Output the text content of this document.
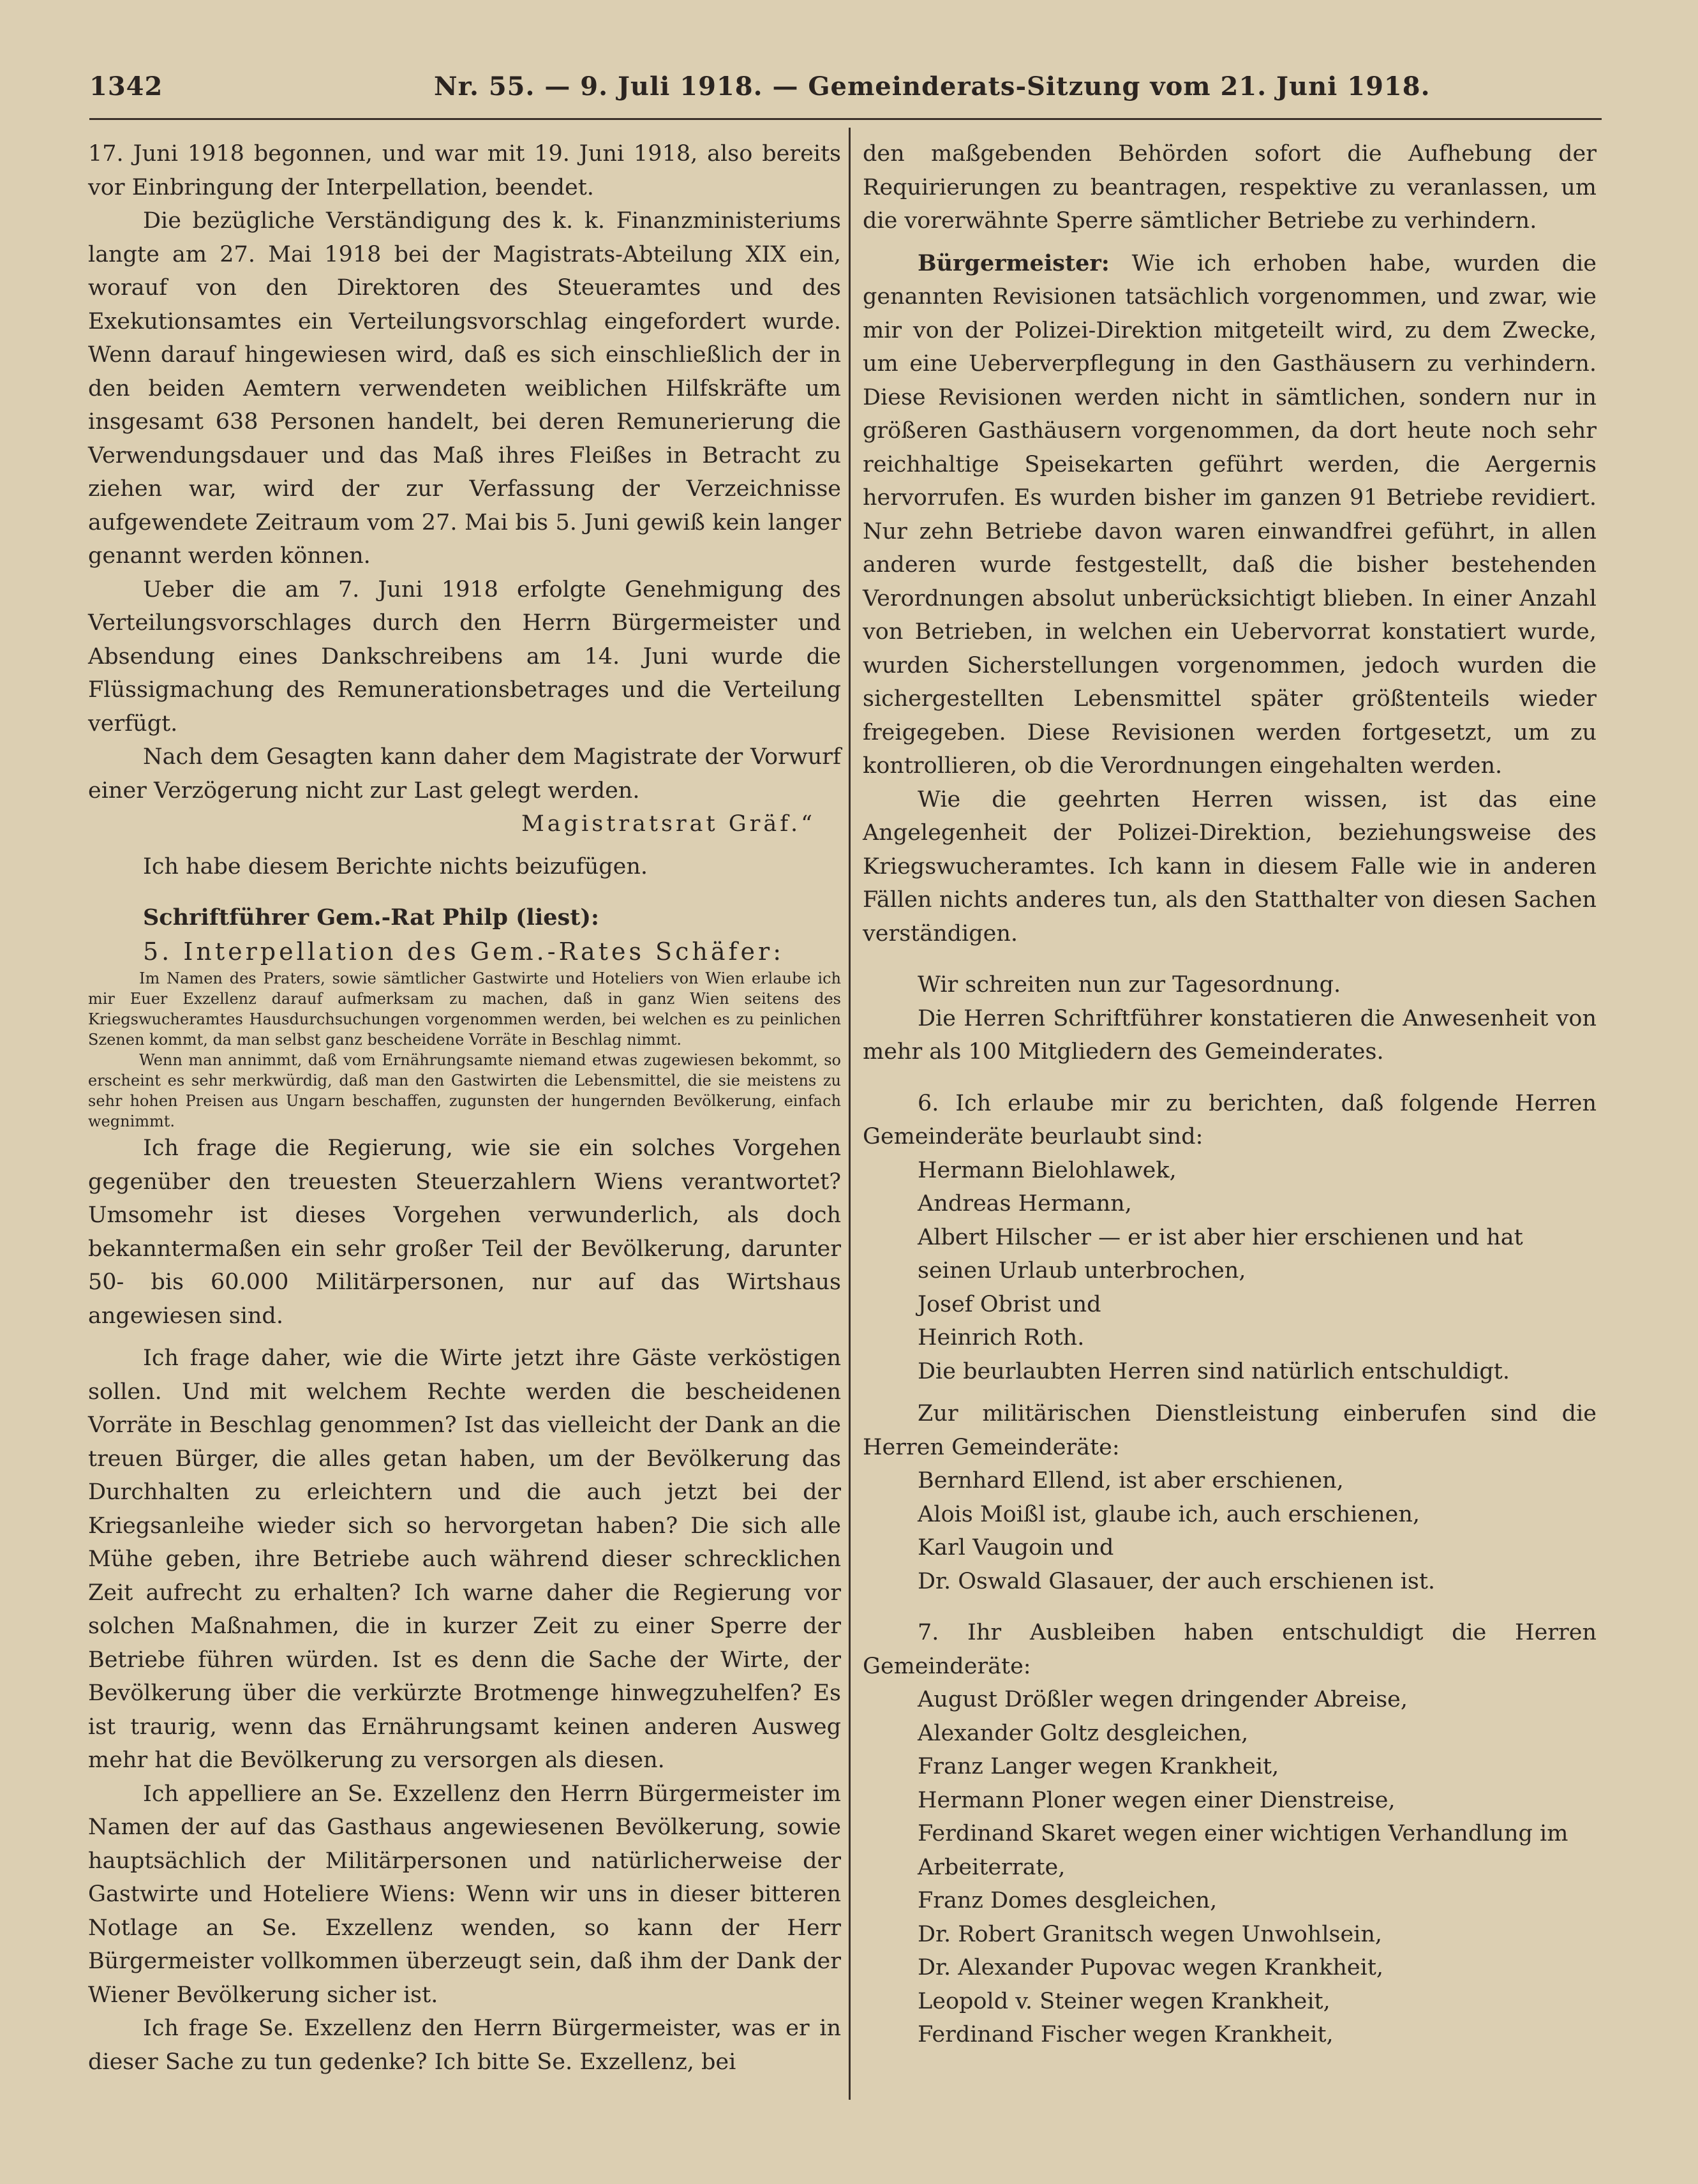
1342	Nr. 55. — 9. Juli 1918. — Gemeinderats-Sitzung vom 21. Juni 1918.

17. Juni 1918 begonnen, und war mit 19. Juni 1918, also bereits vor Einbringung der Interpellation, beendet.

Die bezügliche Verständigung des k. k. Finanzministeriums langte am 27. Mai 1918 bei der Magistrats-Abteilung XIX ein, worauf von den Direktoren des Steueramtes und des Exekutionsamtes ein Verteilungsvorschlag eingefordert wurde. Wenn darauf hingewiesen wird, daß es sich einschließlich der in den beiden Aemtern verwendeten weiblichen Hilfskräfte um insgesamt 638 Personen handelt, bei deren Remunerierung die Verwendungsdauer und das Maß ihres Fleißes in Betracht zu ziehen war, wird der zur Verfassung der Verzeichnisse aufgewendete Zeitraum vom 27. Mai bis 5. Juni gewiß kein langer genannt werden können.

Ueber die am 7. Juni 1918 erfolgte Genehmigung des Verteilungsvorschlages durch den Herrn Bürgermeister und Absendung eines Dankschreibens am 14. Juni wurde die Flüssigmachung des Remunerationsbetrages und die Verteilung verfügt.

Nach dem Gesagten kann daher dem Magistrate der Vorwurf einer Verzögerung nicht zur Last gelegt werden.

Magistratsrat Gräf.“

Ich habe diesem Berichte nichts beizufügen.

Schriftführer Gem.-Rat Philp (liest):

5. Interpellation des Gem.-Rates Schäfer:

Im Namen des Praters, sowie sämtlicher Gastwirte und Hoteliers von Wien erlaube ich mir Euer Exzellenz darauf aufmerksam zu machen, daß in ganz Wien seitens des Kriegswucheramtes Hausdurchsuchungen vorgenommen werden, bei welchen es zu peinlichen Szenen kommt, da man selbst ganz bescheidene Vorräte in Beschlag nimmt.

Wenn man annimmt, daß vom Ernährungsamte niemand etwas zugewiesen bekommt, so erscheint es sehr merkwürdig, daß man den Gastwirten die Lebensmittel, die sie meistens zu sehr hohen Preisen aus Ungarn beschaffen, zugunsten der hungernden Bevölkerung, einfach wegnimmt.

Ich frage die Regierung, wie sie ein solches Vorgehen gegenüber den treuesten Steuerzahlern Wiens verantwortet? Umsomehr ist dieses Vorgehen verwunderlich, als doch bekanntermaßen ein sehr großer Teil der Bevölkerung, darunter 50- bis 60.000 Militärpersonen, nur auf das Wirtshaus angewiesen sind.

Ich frage daher, wie die Wirte jetzt ihre Gäste verköstigen sollen. Und mit welchem Rechte werden die bescheidenen Vorräte in Beschlag genommen? Ist das vielleicht der Dank an die treuen Bürger, die alles getan haben, um der Bevölkerung das Durchhalten zu erleichtern und die auch jetzt bei der Kriegsanleihe wieder sich so hervorgetan haben? Die sich alle Mühe geben, ihre Betriebe auch während dieser schrecklichen Zeit aufrecht zu erhalten? Ich warne daher die Regierung vor solchen Maßnahmen, die in kurzer Zeit zu einer Sperre der Betriebe führen würden. Ist es denn die Sache der Wirte, der Bevölkerung über die verkürzte Brotmenge hinwegzuhelfen? Es ist traurig, wenn das Ernährungsamt keinen anderen Ausweg mehr hat die Bevölkerung zu versorgen als diesen.

Ich appelliere an Se. Exzellenz den Herrn Bürgermeister im Namen der auf das Gasthaus angewiesenen Bevölkerung, sowie hauptsächlich der Militärpersonen und natürlicherweise der Gastwirte und Hoteliere Wiens: Wenn wir uns in dieser bitteren Notlage an Se. Exzellenz wenden, so kann der Herr Bürgermeister vollkommen überzeugt sein, daß ihm der Dank der Wiener Bevölkerung sicher ist.

Ich frage Se. Exzellenz den Herrn Bürgermeister, was er in dieser Sache zu tun gedenke? Ich bitte Se. Exzellenz, bei

den maßgebenden Behörden sofort die Aufhebung der Requirierungen zu beantragen, respektive zu veranlassen, um die vorerwähnte Sperre sämtlicher Betriebe zu verhindern.

Bürgermeister: Wie ich erhoben habe, wurden die genannten Revisionen tatsächlich vorgenommen, und zwar, wie mir von der Polizei-Direktion mitgeteilt wird, zu dem Zwecke, um eine Ueberverpflegung in den Gasthäusern zu verhindern. Diese Revisionen werden nicht in sämtlichen, sondern nur in größeren Gasthäusern vorgenommen, da dort heute noch sehr reichhaltige Speisekarten geführt werden, die Aergernis hervorrufen. Es wurden bisher im ganzen 91 Betriebe revidiert. Nur zehn Betriebe davon waren einwandfrei geführt, in allen anderen wurde festgestellt, daß die bisher bestehenden Verordnungen absolut unberücksichtigt blieben. In einer Anzahl von Betrieben, in welchen ein Uebervorrat konstatiert wurde, wurden Sicherstellungen vorgenommen, jedoch wurden die sichergestellten Lebensmittel später größtenteils wieder freigegeben. Diese Revisionen werden fortgesetzt, um zu kontrollieren, ob die Verordnungen eingehalten werden.

Wie die geehrten Herren wissen, ist das eine Angelegenheit der Polizei-Direktion, beziehungsweise des Kriegswucheramtes. Ich kann in diesem Falle wie in anderen Fällen nichts anderes tun, als den Statthalter von diesen Sachen verständigen.

Wir schreiten nun zur Tagesordnung.

Die Herren Schriftführer konstatieren die Anwesenheit von mehr als 100 Mitgliedern des Gemeinderates.

6. Ich erlaube mir zu berichten, daß folgende Herren Gemeinderäte beurlaubt sind:

Hermann Bielohlawek,

Andreas Hermann,

Albert Hilscher — er ist aber hier erschienen und hat seinen Urlaub unterbrochen,

Josef Obrist und

Heinrich Roth.

Die beurlaubten Herren sind natürlich entschuldigt.

Zur militärischen Dienstleistung einberufen sind die Herren Gemeinderäte:

Bernhard Ellend, ist aber erschienen,

Alois Moißl ist, glaube ich, auch erschienen,

Karl Vaugoin und

Dr. Oswald Glasauer, der auch erschienen ist.

7. Ihr Ausbleiben haben entschuldigt die Herren Gemeinderäte:

August Drößler wegen dringender Abreise,

Alexander Goltz desgleichen,

Franz Langer wegen Krankheit,

Hermann Ploner wegen einer Dienstreise,

Ferdinand Skaret wegen einer wichtigen Verhandlung im Arbeiterrate,

Franz Domes desgleichen,

Dr. Robert Granitsch wegen Unwohlsein,

Dr. Alexander Pupovac wegen Krankheit,

Leopold v. Steiner wegen Krankheit,

Ferdinand Fischer wegen Krankheit,
